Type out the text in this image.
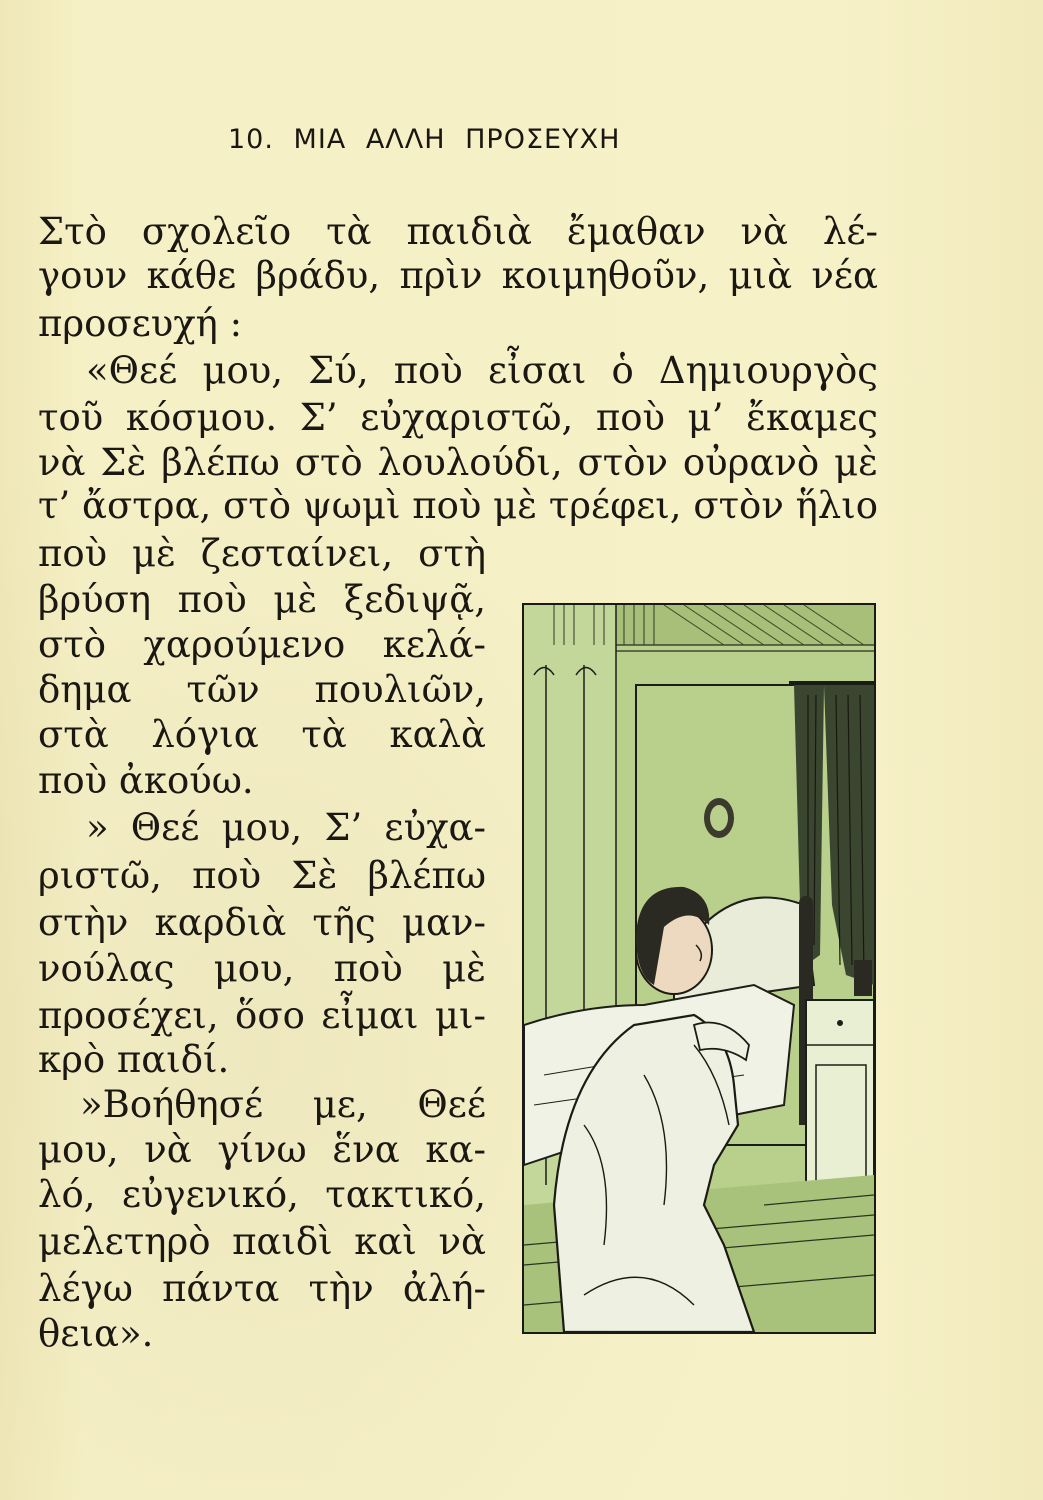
10. ΜΙΑ ΑΛΛΗ ΠΡΟΣΕΥΧΗ
Στὸ σχολεῖο τὰ παιδιὰ ἔμαθαν νὰ λέ-
γουν κάθε βράδυ, πρὶν κοιμηθοῦν, μιὰ νέα
προσευχή :
«Θεέ μου, Σύ, ποὺ εἶσαι ὁ Δημιουργὸς
τοῦ κόσμου. Σ’ εὐχαριστῶ, ποὺ μ’ ἔκαμες
νὰ Σὲ βλέπω στὸ λουλούδι, στὸν οὐρανὸ μὲ
τ’ ἄστρα, στὸ ψωμὶ ποὺ μὲ τρέφει, στὸν ἥλιο
ποὺ μὲ ζεσταίνει, στὴ
βρύση ποὺ μὲ ξεδιψᾷ,
στὸ χαρούμενο κελά-
δημα τῶν πουλιῶν,
στὰ λόγια τὰ καλὰ
ποὺ ἀκούω.
» Θεέ μου, Σ’ εὐχα-
ριστῶ, ποὺ Σὲ βλέπω
στὴν καρδιὰ τῆς μαν-
νούλας μου, ποὺ μὲ
προσέχει, ὅσο εἶμαι μι-
κρὸ παιδί.
»Βοήθησέ με, Θεέ
μου, νὰ γίνω ἕνα κα-
λό, εὐγενικό, τακτικό,
μελετηρὸ παιδὶ καὶ νὰ
λέγω πάντα τὴν ἀλή-
θεια».
